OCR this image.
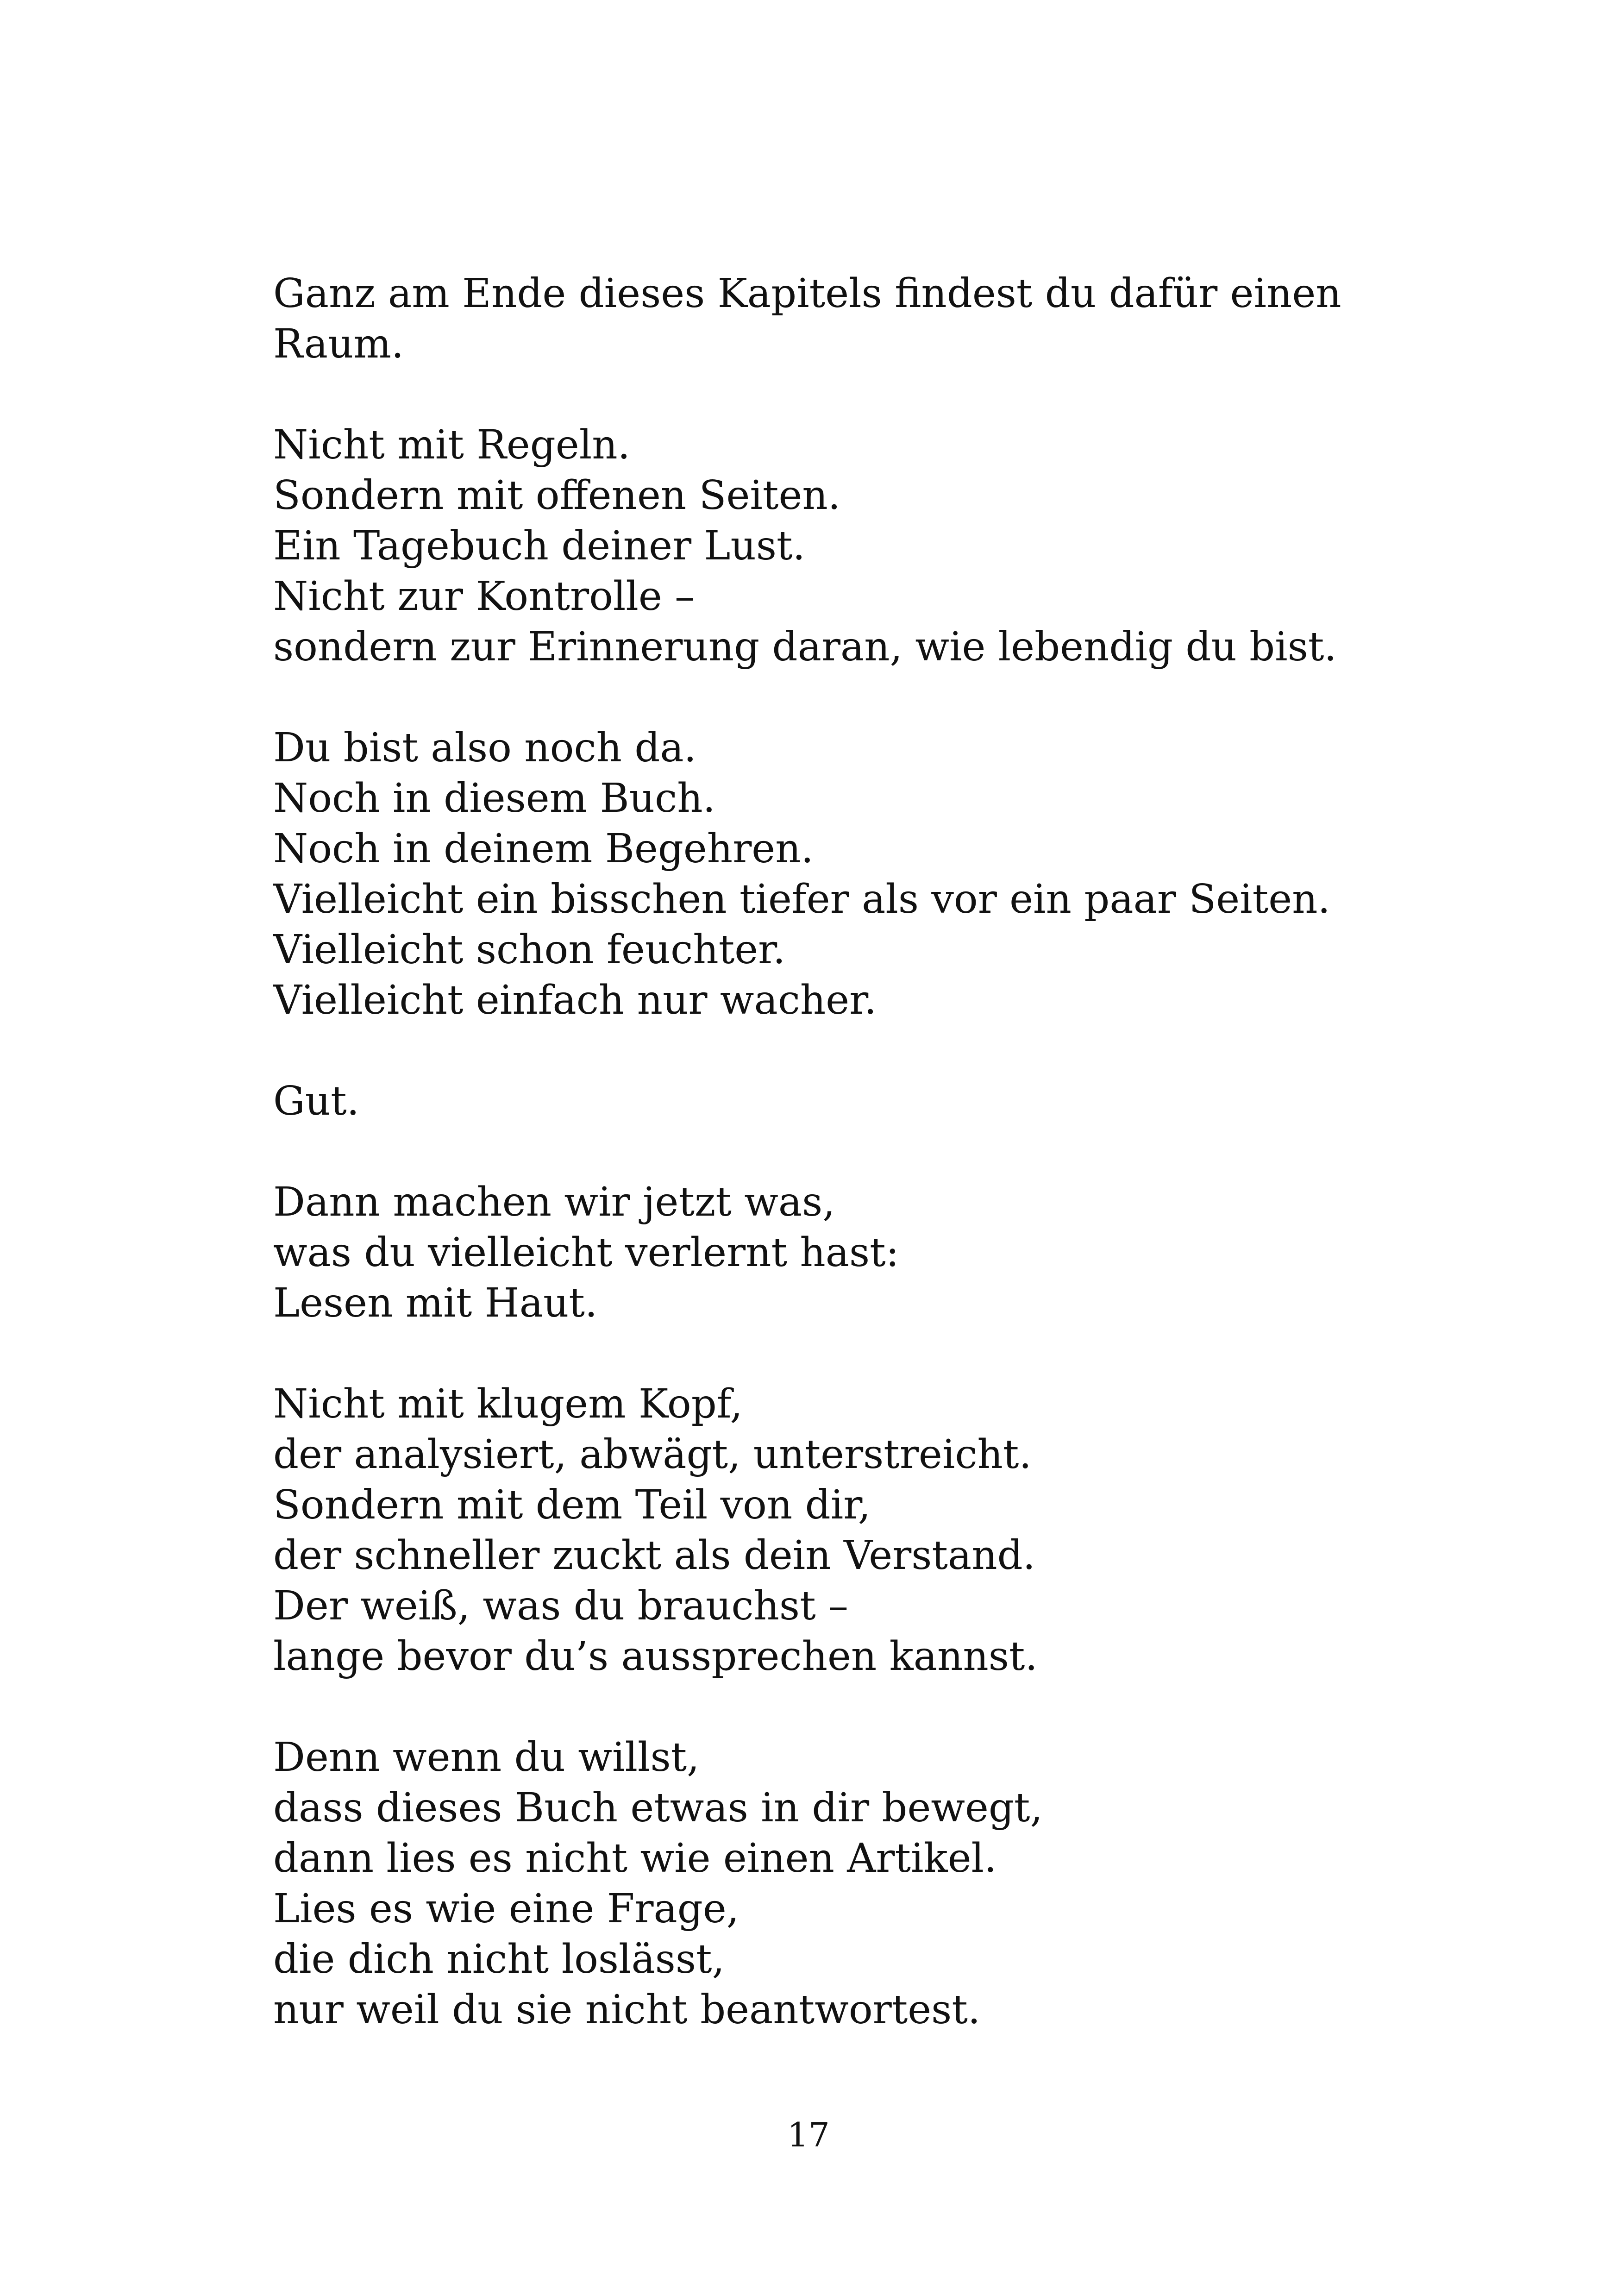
Ganz am Ende dieses Kapitels findest du dafür einen
Raum.
Nicht mit Regeln.
Sondern mit offenen Seiten.
Ein Tagebuch deiner Lust.
Nicht zur Kontrolle –
sondern zur Erinnerung daran, wie lebendig du bist.
Du bist also noch da.
Noch in diesem Buch.
Noch in deinem Begehren.
Vielleicht ein bisschen tiefer als vor ein paar Seiten.
Vielleicht schon feuchter.
Vielleicht einfach nur wacher.
Gut.
Dann machen wir jetzt was,
was du vielleicht verlernt hast:
Lesen mit Haut.
Nicht mit klugem Kopf,
der analysiert, abwägt, unterstreicht.
Sondern mit dem Teil von dir,
der schneller zuckt als dein Verstand.
Der weiß, was du brauchst –
lange bevor du’s aussprechen kannst.
Denn wenn du willst,
dass dieses Buch etwas in dir bewegt,
dann lies es nicht wie einen Artikel.
Lies es wie eine Frage,
die dich nicht loslässt,
nur weil du sie nicht beantwortest.
17
